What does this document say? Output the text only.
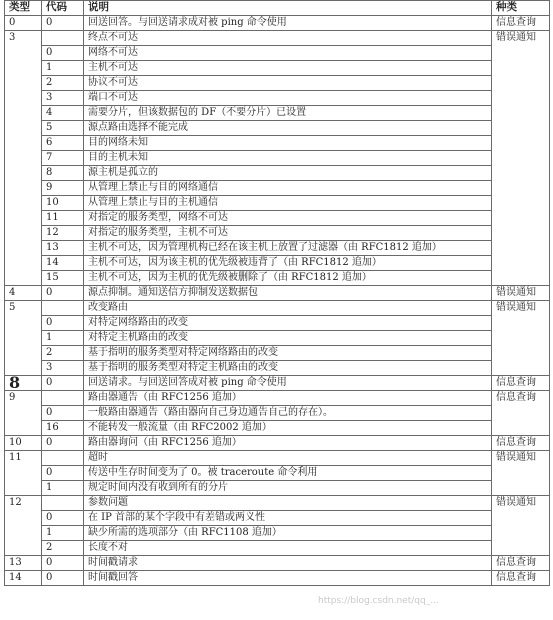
类型	代码	说明	种类
0	0	回送回答。与回送请求成对被 ping 命令使用	信息查询
3		终点不可达	错误通知
	0	网络不可达	
	1	主机不可达	
	2	协议不可达	
	3	端口不可达	
	4	需要分片，但该数据包的 DF（不要分片）已设置	
	5	源点路由选择不能完成	
	6	目的网络未知	
	7	目的主机未知	
	8	源主机是孤立的	
	9	从管理上禁止与目的网络通信	
	10	从管理上禁止与目的主机通信	
	11	对指定的服务类型，网络不可达	
	12	对指定的服务类型，主机不可达	
	13	主机不可达，因为管理机构已经在该主机上放置了过滤器（由 RFC1812 追加）	
	14	主机不可达，因为该主机的优先级被违背了（由 RFC1812 追加）	
	15	主机不可达，因为主机的优先级被删除了（由 RFC1812 追加）	
4	0	源点抑制。通知送信方抑制发送数据包	错误通知
5		改变路由	错误通知
	0	对特定网络路由的改变	
	1	对特定主机路由的改变	
	2	基于指明的服务类型对特定网络路由的改变	
	3	基于指明的服务类型对特定主机路由的改变	
8	0	回送请求。与回送回答成对被 ping 命令使用	信息查询
9		路由器通告（由 RFC1256 追加）	信息查询
	0	一般路由器通告（路由器向自己身边通告自己的存在）。	
	16	不能转发一般流量（由 RFC2002 追加）	
10	0	路由器询问（由 RFC1256 追加）	信息查询
11		超时	错误通知
	0	传送中生存时间变为了 0。被 traceroute 命令利用	
	1	规定时间内没有收到所有的分片	
12		参数问题	错误通知
	0	在 IP 首部的某个字段中有差错或两义性	
	1	缺少所需的选项部分（由 RFC1108 追加）	
	2	长度不对	
13	0	时间戳请求	信息查询
14	0	时间戳回答	信息查询
https://blog.csdn.net/qq_...
